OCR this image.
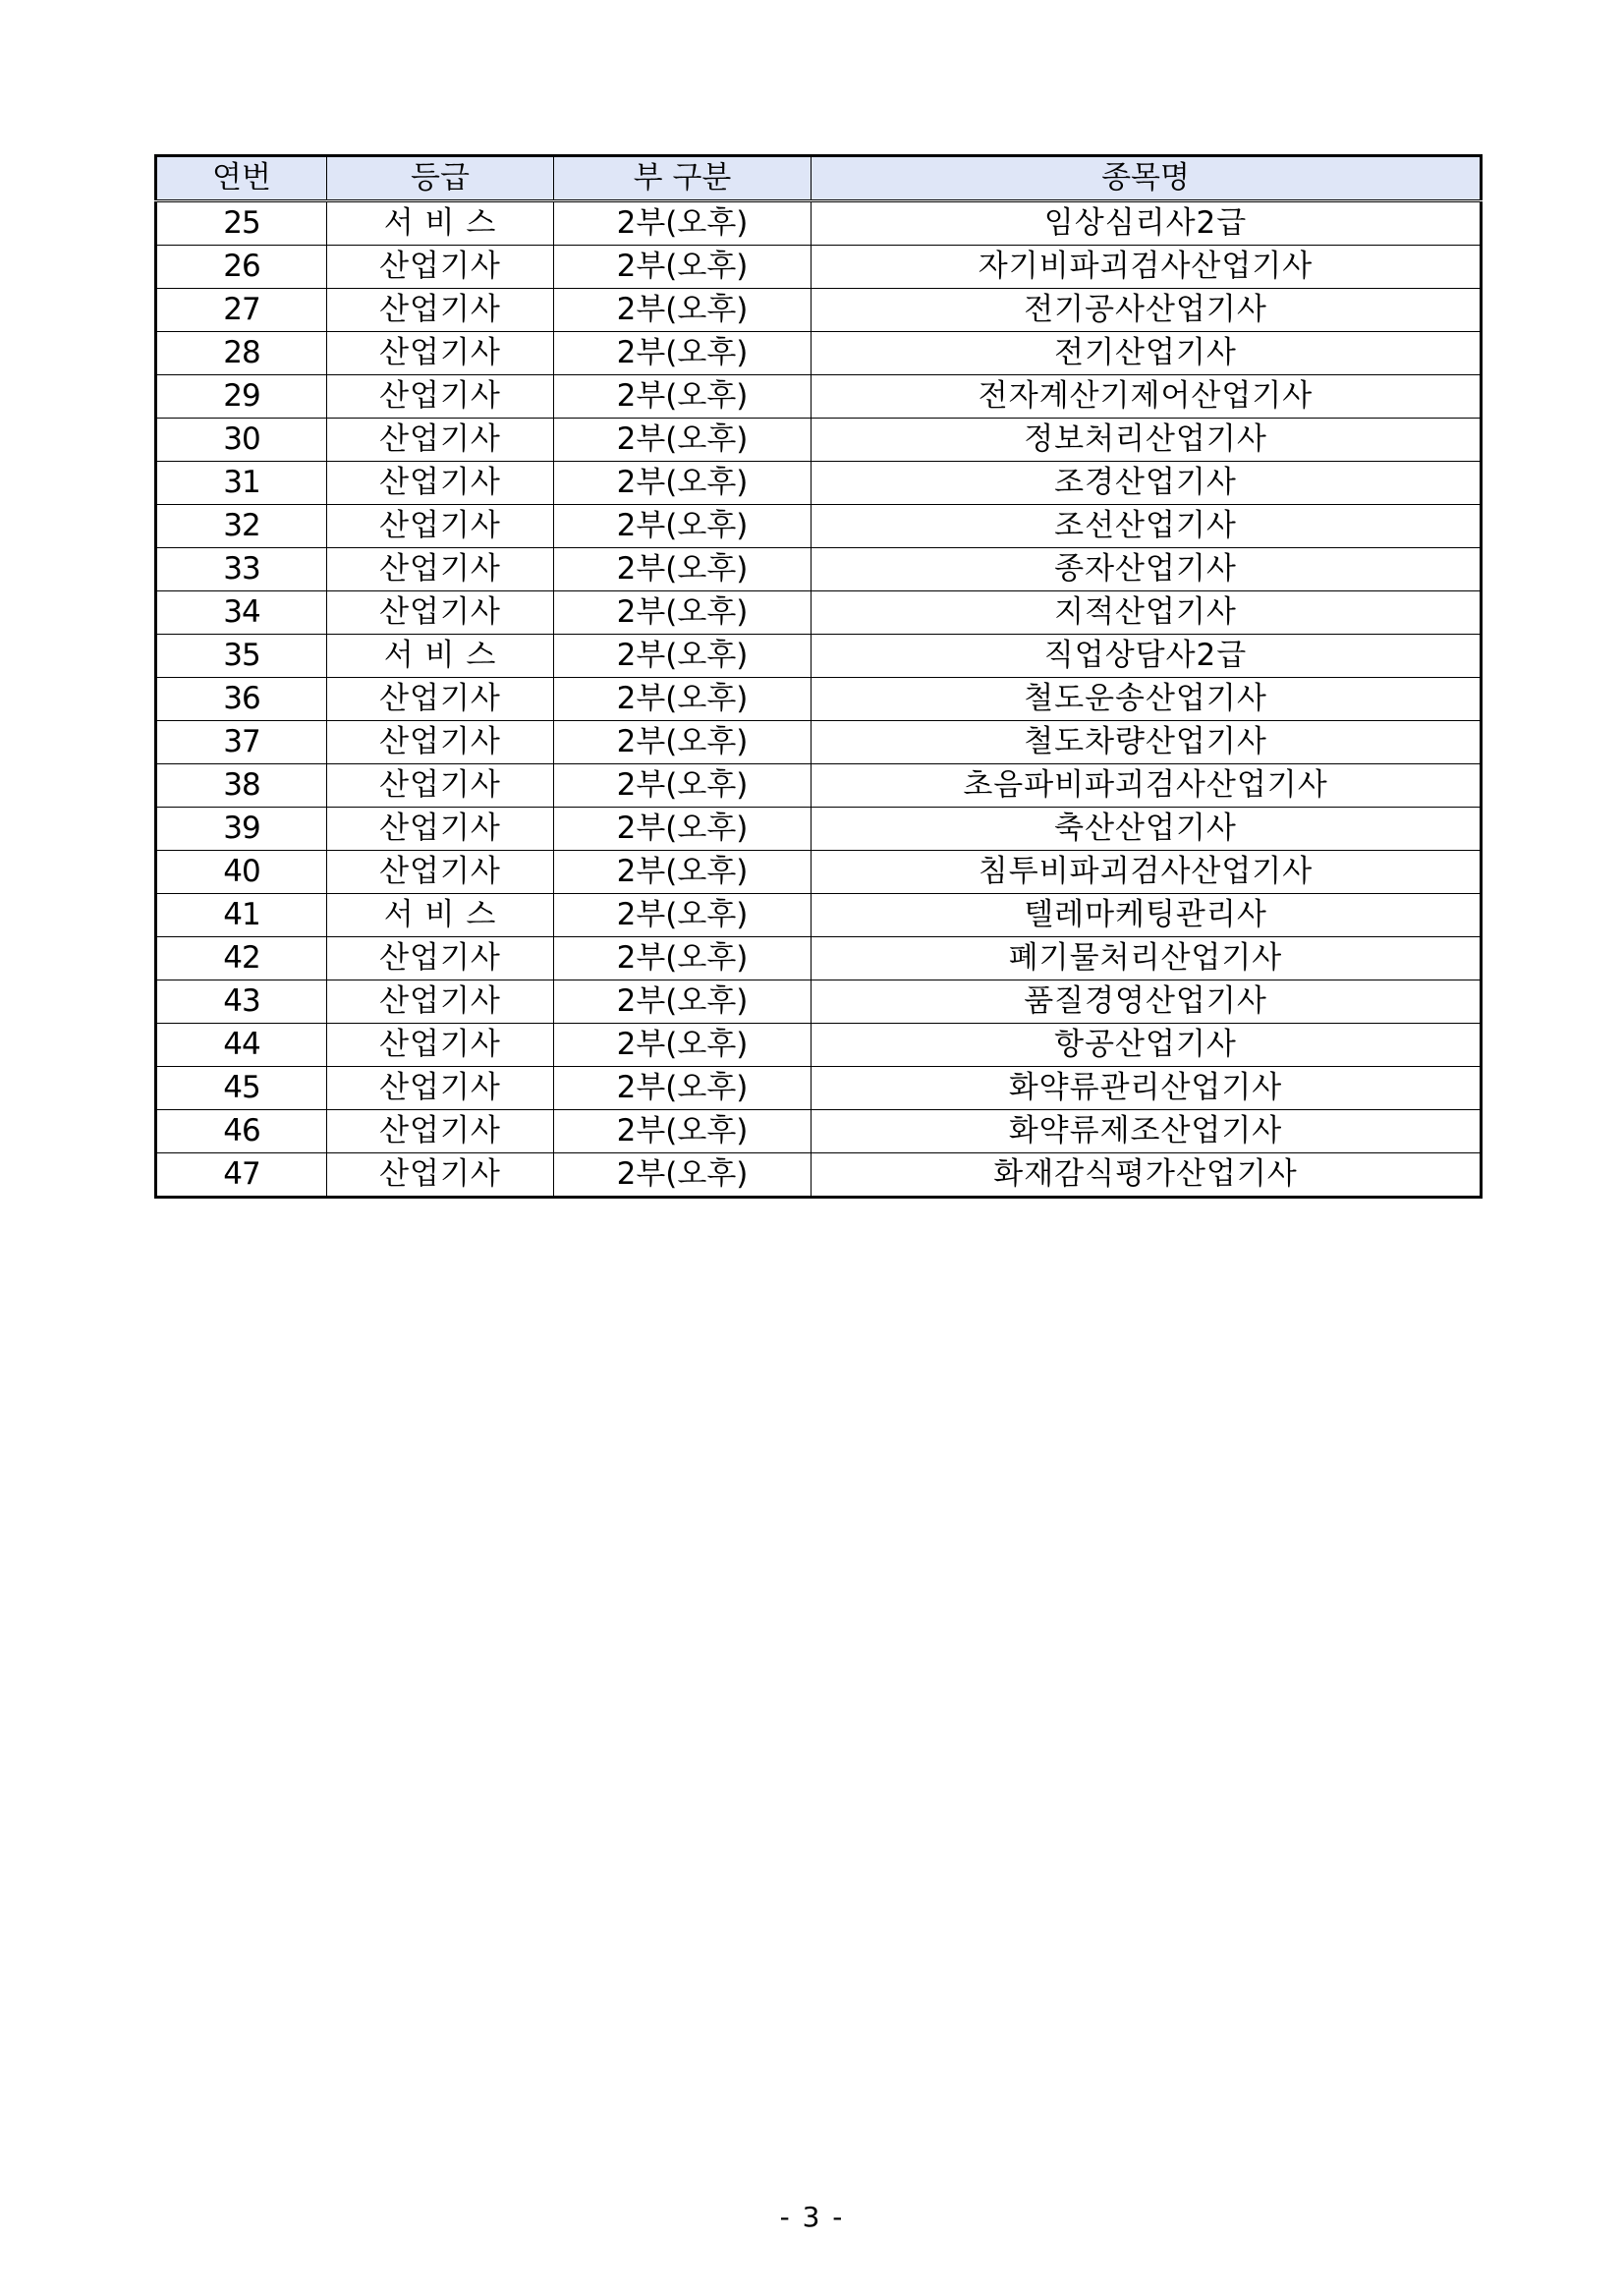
연번	등급	부 구분	종목명
25	서 비 스	2부(오후)	임상심리사2급
26	산업기사	2부(오후)	자기비파괴검사산업기사
27	산업기사	2부(오후)	전기공사산업기사
28	산업기사	2부(오후)	전기산업기사
29	산업기사	2부(오후)	전자계산기제어산업기사
30	산업기사	2부(오후)	정보처리산업기사
31	산업기사	2부(오후)	조경산업기사
32	산업기사	2부(오후)	조선산업기사
33	산업기사	2부(오후)	종자산업기사
34	산업기사	2부(오후)	지적산업기사
35	서 비 스	2부(오후)	직업상담사2급
36	산업기사	2부(오후)	철도운송산업기사
37	산업기사	2부(오후)	철도차량산업기사
38	산업기사	2부(오후)	초음파비파괴검사산업기사
39	산업기사	2부(오후)	축산산업기사
40	산업기사	2부(오후)	침투비파괴검사산업기사
41	서 비 스	2부(오후)	텔레마케팅관리사
42	산업기사	2부(오후)	폐기물처리산업기사
43	산업기사	2부(오후)	품질경영산업기사
44	산업기사	2부(오후)	항공산업기사
45	산업기사	2부(오후)	화약류관리산업기사
46	산업기사	2부(오후)	화약류제조산업기사
47	산업기사	2부(오후)	화재감식평가산업기사
- 3 -
